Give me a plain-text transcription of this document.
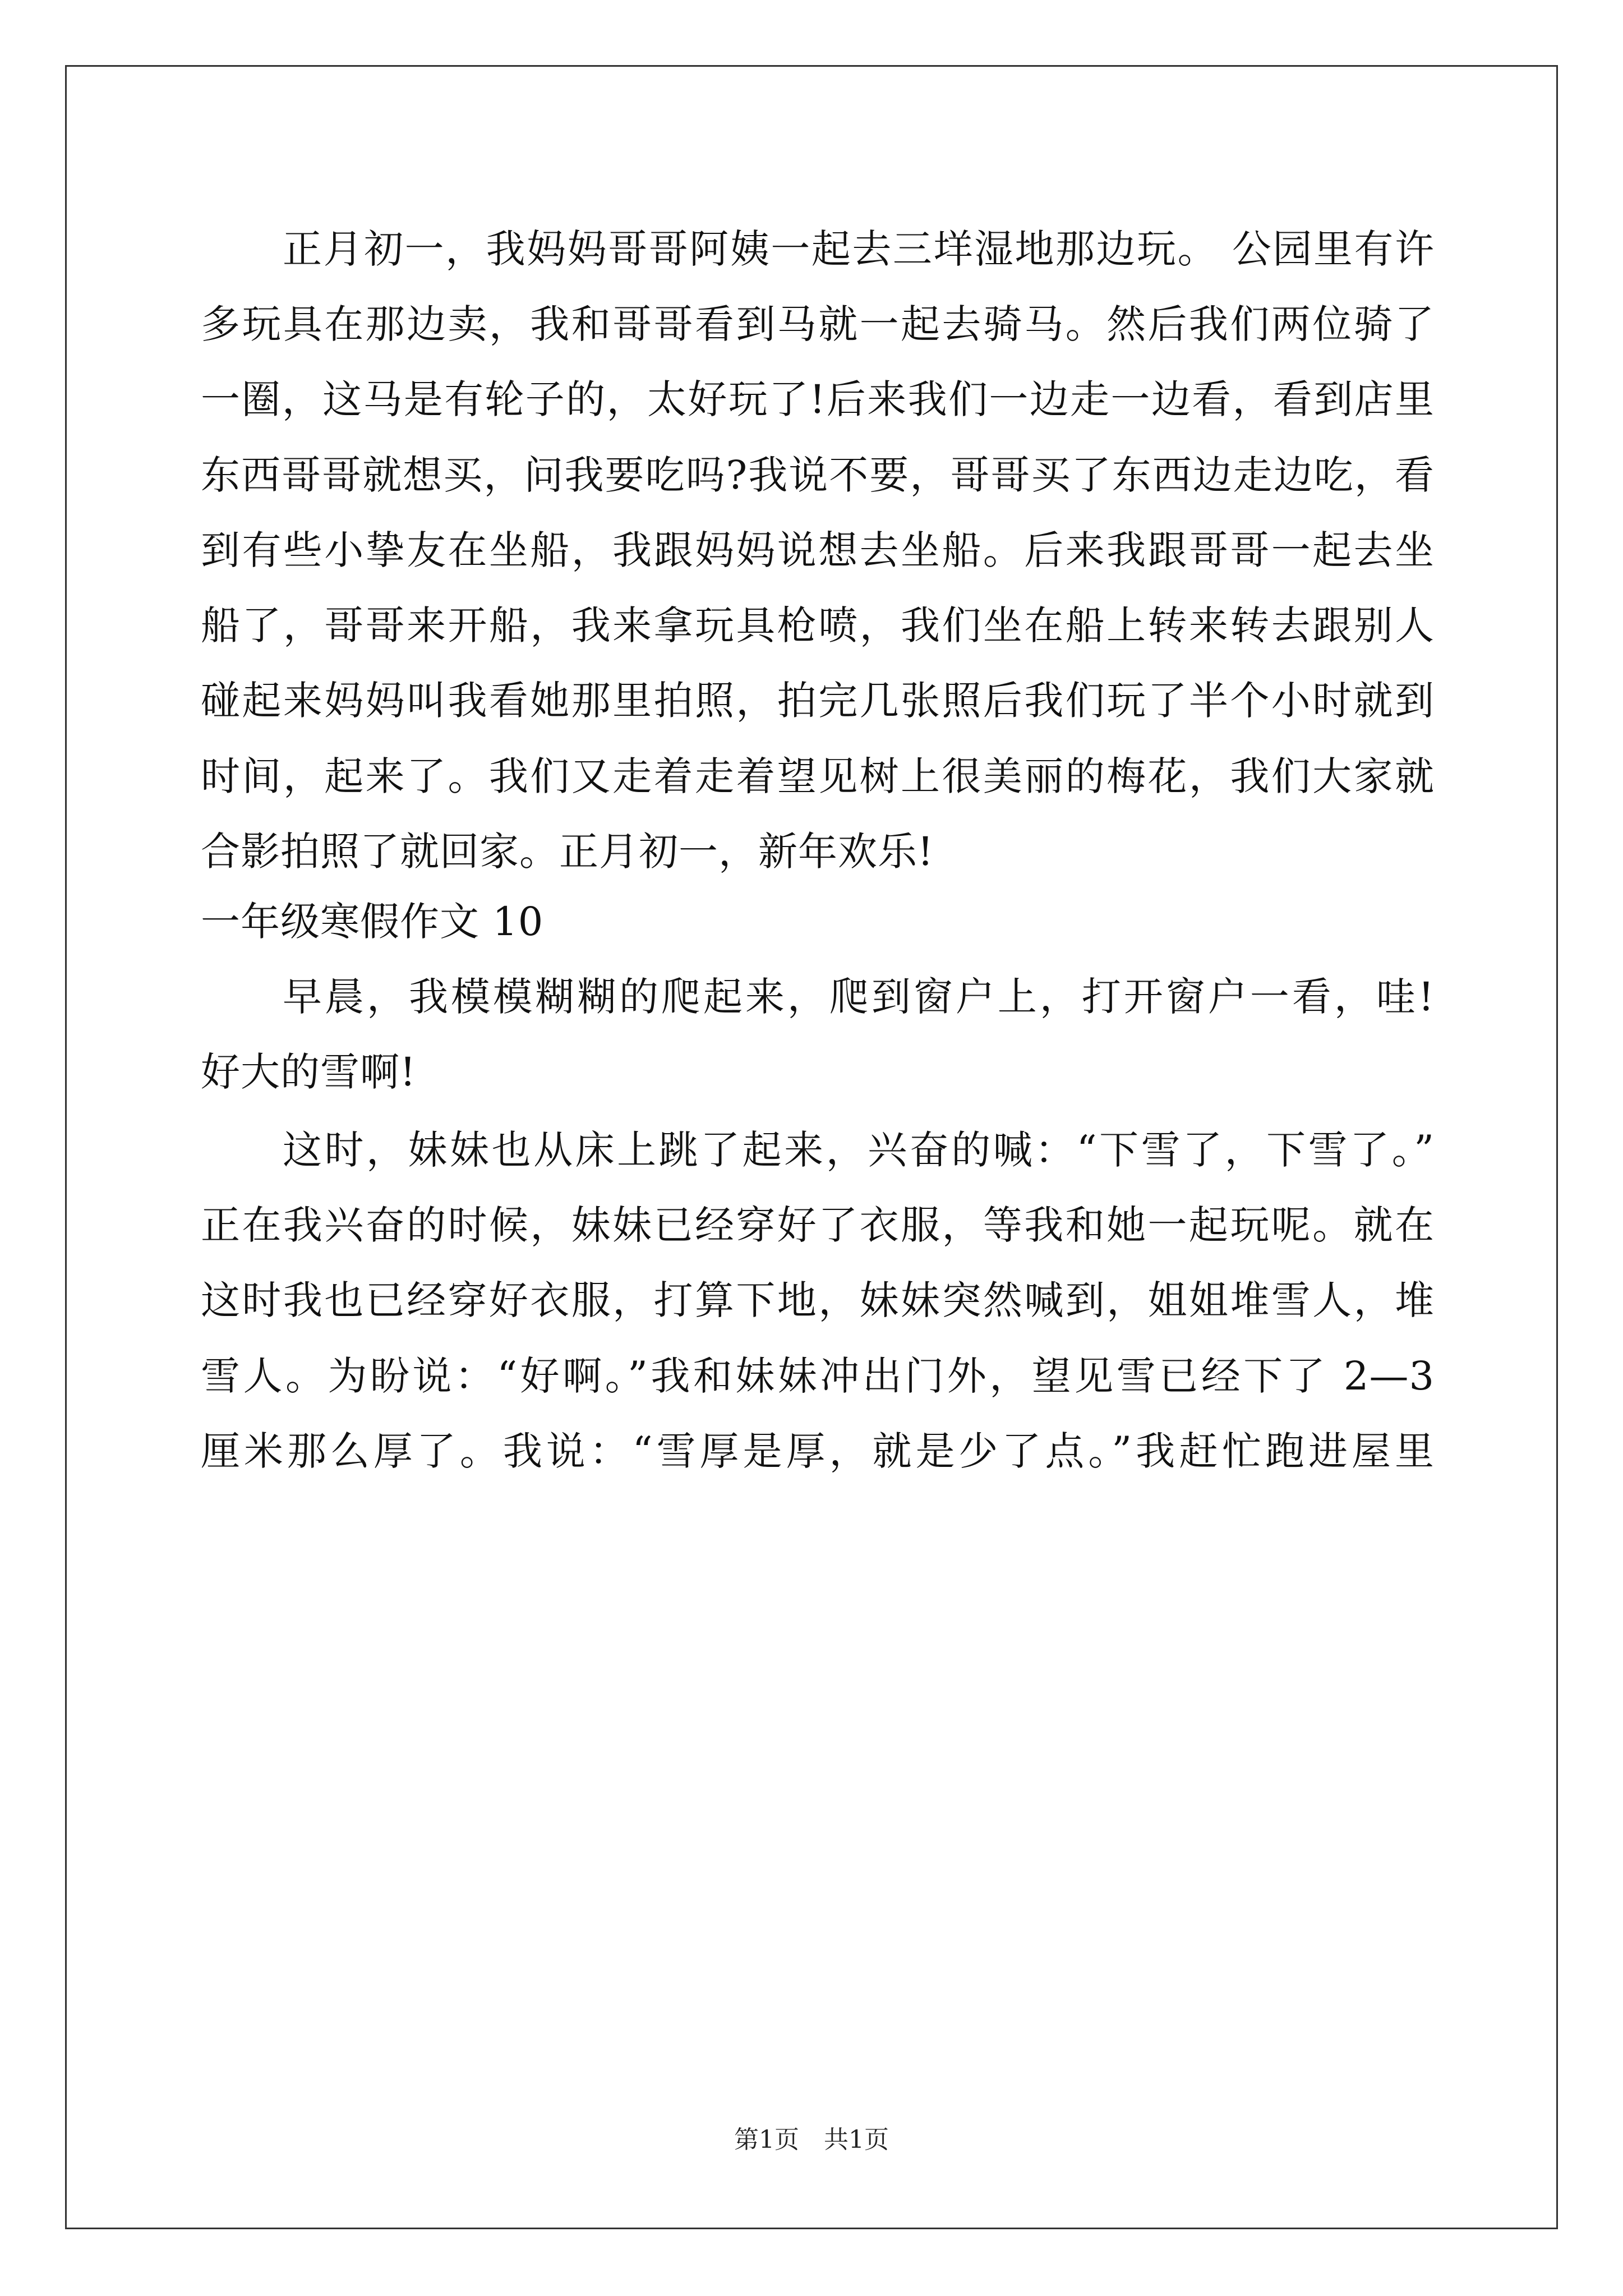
正月初一，我妈妈哥哥阿姨一起去三垟湿地那边玩。 公园里有许
多玩具在那边卖，我和哥哥看到马就一起去骑马。然后我们两位骑了
一圈，这马是有轮子的，太好玩了!后来我们一边走一边看，看到店里
东西哥哥就想买，问我要吃吗?我说不要，哥哥买了东西边走边吃，看
到有些小挚友在坐船，我跟妈妈说想去坐船。后来我跟哥哥一起去坐
船了，哥哥来开船，我来拿玩具枪喷，我们坐在船上转来转去跟别人
碰起来妈妈叫我看她那里拍照，拍完几张照后我们玩了半个小时就到
时间，起来了。我们又走着走着望见树上很美丽的梅花，我们大家就
合影拍照了就回家。正月初一，新年欢乐!
一年级寒假作文 10
早晨，我模模糊糊的爬起来，爬到窗户上，打开窗户一看，哇!
好大的雪啊!
这时，妹妹也从床上跳了起来，兴奋的喊：“下雪了，下雪了。”
正在我兴奋的时候，妹妹已经穿好了衣服，等我和她一起玩呢。就在
这时我也已经穿好衣服，打算下地，妹妹突然喊到，姐姐堆雪人，堆
雪人。为盼说：“好啊。”我和妹妹冲出门外，望见雪已经下了 2—3
厘米那么厚了。我说：“雪厚是厚，就是少了点。”我赶忙跑进屋里
第1页 共1页
